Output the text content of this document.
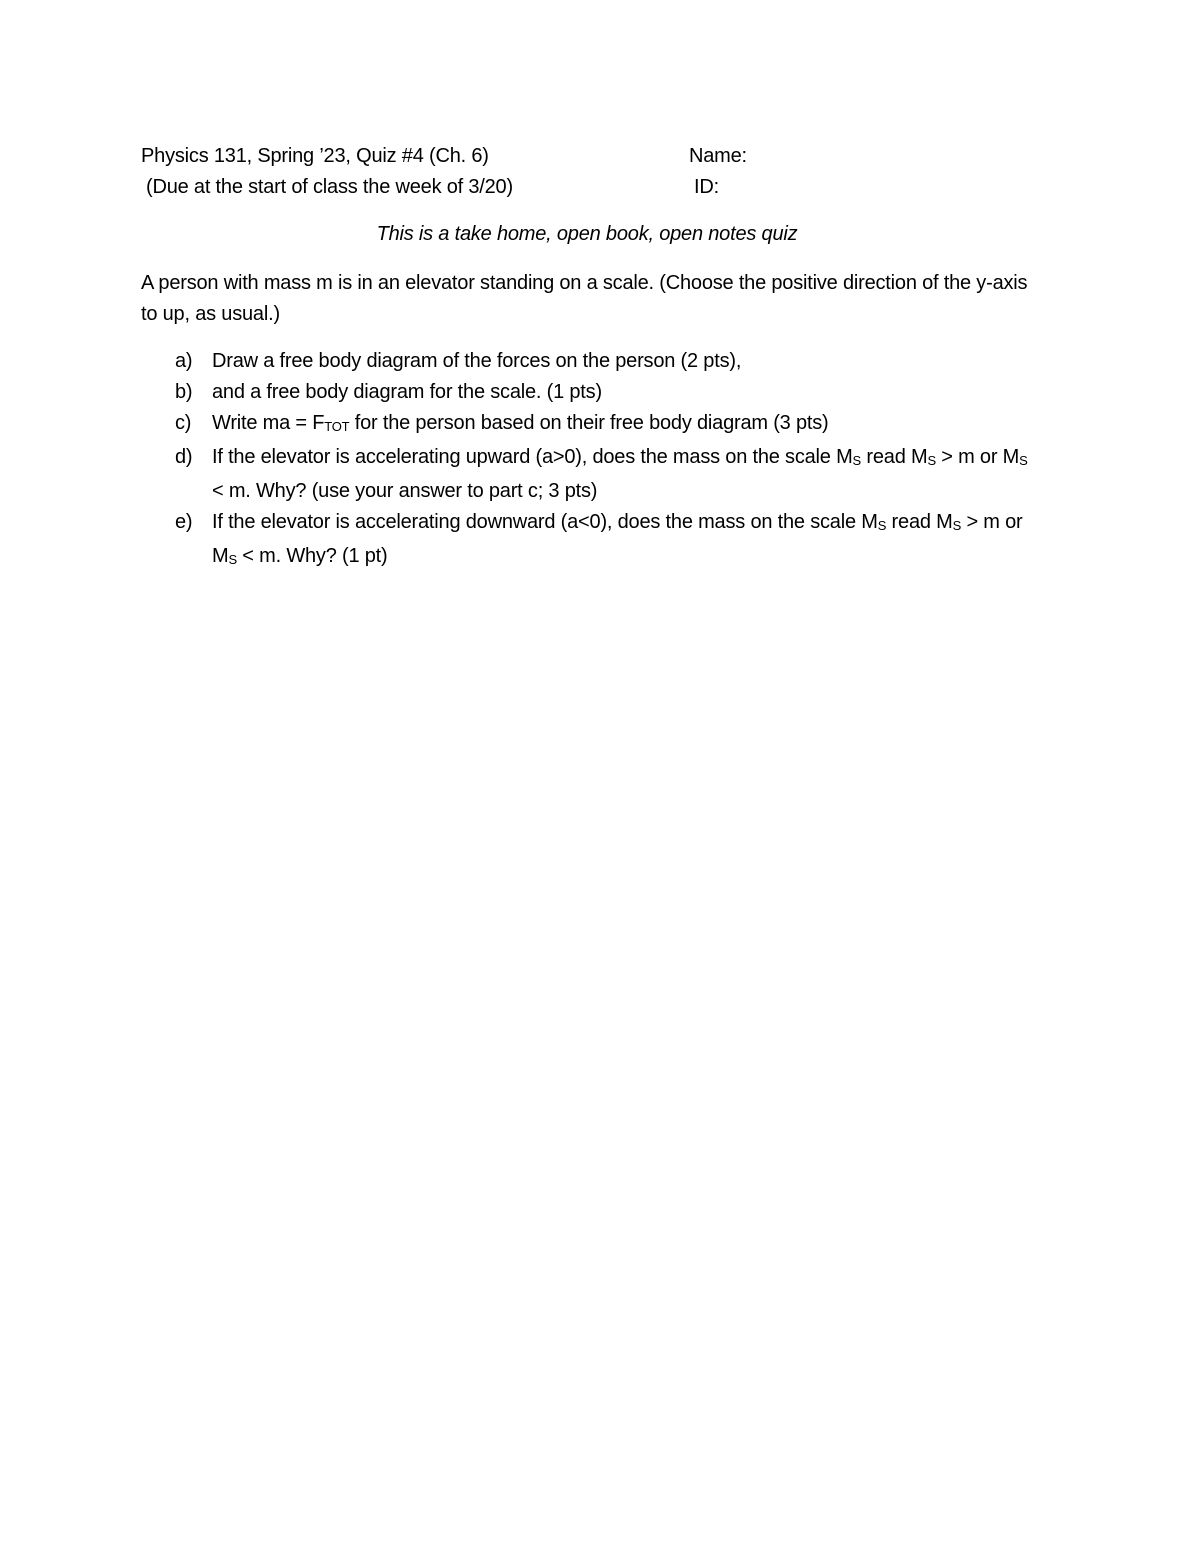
Physics 131, Spring ’23, Quiz #4 (Ch. 6)
(Due at the start of class the week of 3/20)
Name:
ID:
This is a take home, open book, open notes quiz
A person with mass m is in an elevator standing on a scale. (Choose the positive direction of the y-axis to up, as usual.)
a) Draw a free body diagram of the forces on the person (2 pts),
b) and a free body diagram for the scale. (1 pts)
c) Write ma = FTOT for the person based on their free body diagram (3 pts)
d) If the elevator is accelerating upward (a>0), does the mass on the scale MS read MS > m or MS < m. Why? (use your answer to part c; 3 pts)
e) If the elevator is accelerating downward (a<0), does the mass on the scale MS read MS > m or MS < m. Why? (1 pt)
